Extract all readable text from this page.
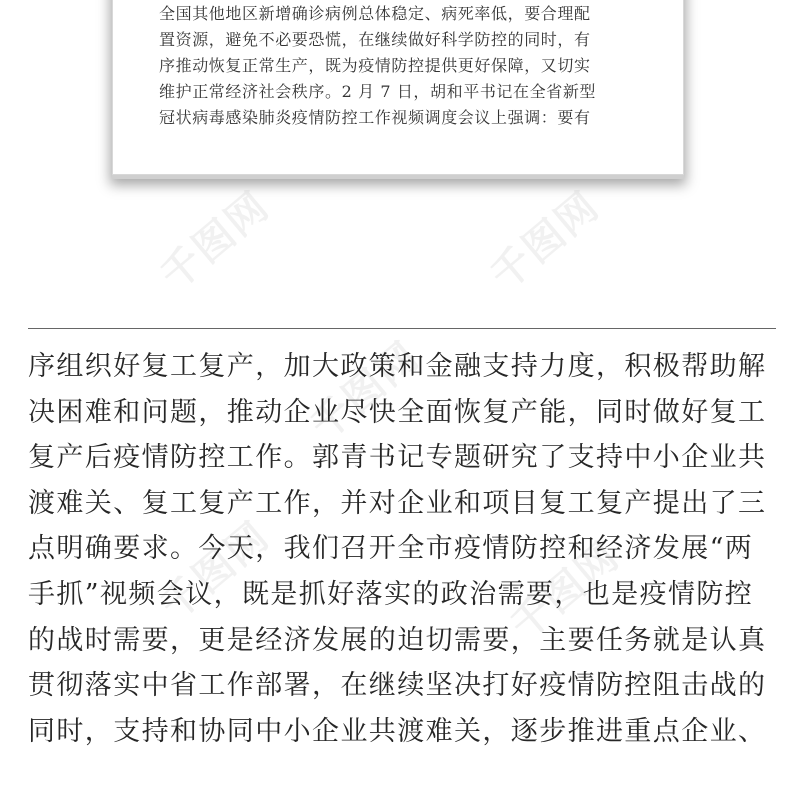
全国其他地区新增确诊病例总体稳定、病死率低，要合理配
置资源，避免不必要恐慌，在继续做好科学防控的同时，有
序推动恢复正常生产，既为疫情防控提供更好保障，又切实
维护正常经济社会秩序。2 月 7 日，胡和平书记在全省新型
冠状病毒感染肺炎疫情防控工作视频调度会议上强调：要有
千图网	千图网
千图网
千图网	千图网
序组织好复工复产，加大政策和金融支持力度，积极帮助解
决困难和问题，推动企业尽快全面恢复产能，同时做好复工
复产后疫情防控工作。郭青书记专题研究了支持中小企业共
渡难关、复工复产工作，并对企业和项目复工复产提出了三
点明确要求。今天，我们召开全市疫情防控和经济发展“两
手抓”视频会议，既是抓好落实的政治需要，也是疫情防控
的战时需要，更是经济发展的迫切需要，主要任务就是认真
贯彻落实中省工作部署，在继续坚决打好疫情防控阻击战的
同时，支持和协同中小企业共渡难关，逐步推进重点企业、
